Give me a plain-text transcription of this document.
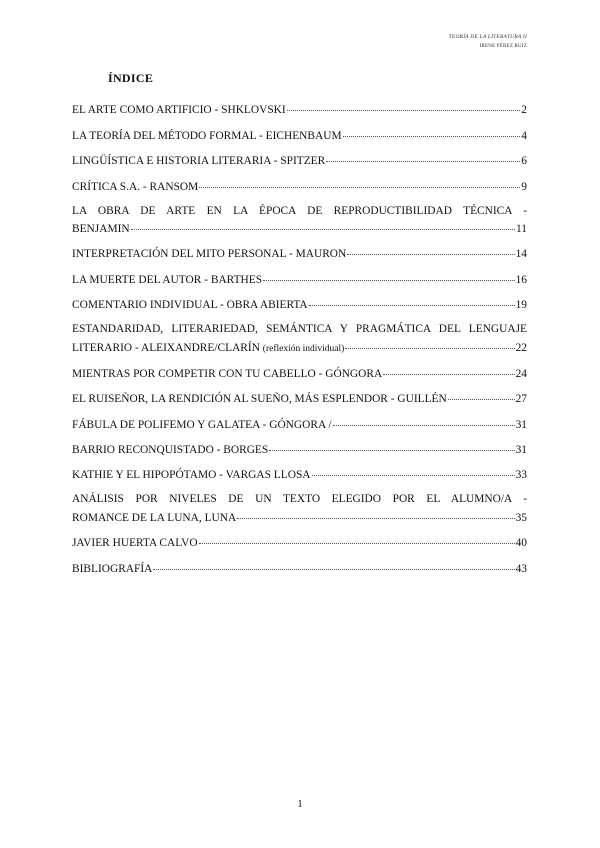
TEORÍA DE LA LITERATURA II
IRENE PÉREZ RUIZ
ÍNDICE
EL ARTE COMO ARTIFICIO - SHKLOVSKI	2
LA TEORÍA DEL MÉTODO FORMAL - EICHENBAUM	4
LINGÜÍSTICA E HISTORIA LITERARIA - SPITZER	6
CRÍTICA S.A. - RANSOM	9
LA OBRA DE ARTE EN LA ÉPOCA DE REPRODUCTIBILIDAD TÉCNICA -
BENJAMIN	11
INTERPRETACIÓN DEL MITO PERSONAL - MAURON	14
LA MUERTE DEL AUTOR - BARTHES	16
COMENTARIO INDIVIDUAL - OBRA ABIERTA	19
ESTANDARIDAD, LITERARIEDAD, SEMÁNTICA Y PRAGMÁTICA DEL LENGUAJE
LITERARIO - ALEIXANDRE/CLARÍN
(reflexión individual)	22
MIENTRAS POR COMPETIR CON TU CABELLO - GÓNGORA	24
EL RUISEÑOR, LA RENDICIÓN AL SUEÑO, MÁS ESPLENDOR - GUILLÉN	27
FÁBULA DE POLIFEMO Y GALATEA - GÓNGORA /	31
BARRIO RECONQUISTADO - BORGES	31
KATHIE Y EL HIPOPÓTAMO - VARGAS LLOSA	33
ANÁLISIS POR NIVELES DE UN TEXTO ELEGIDO POR EL ALUMNO/A -
ROMANCE DE LA LUNA, LUNA	35
JAVIER HUERTA CALVO	40
BIBLIOGRAFÍA	43
1
